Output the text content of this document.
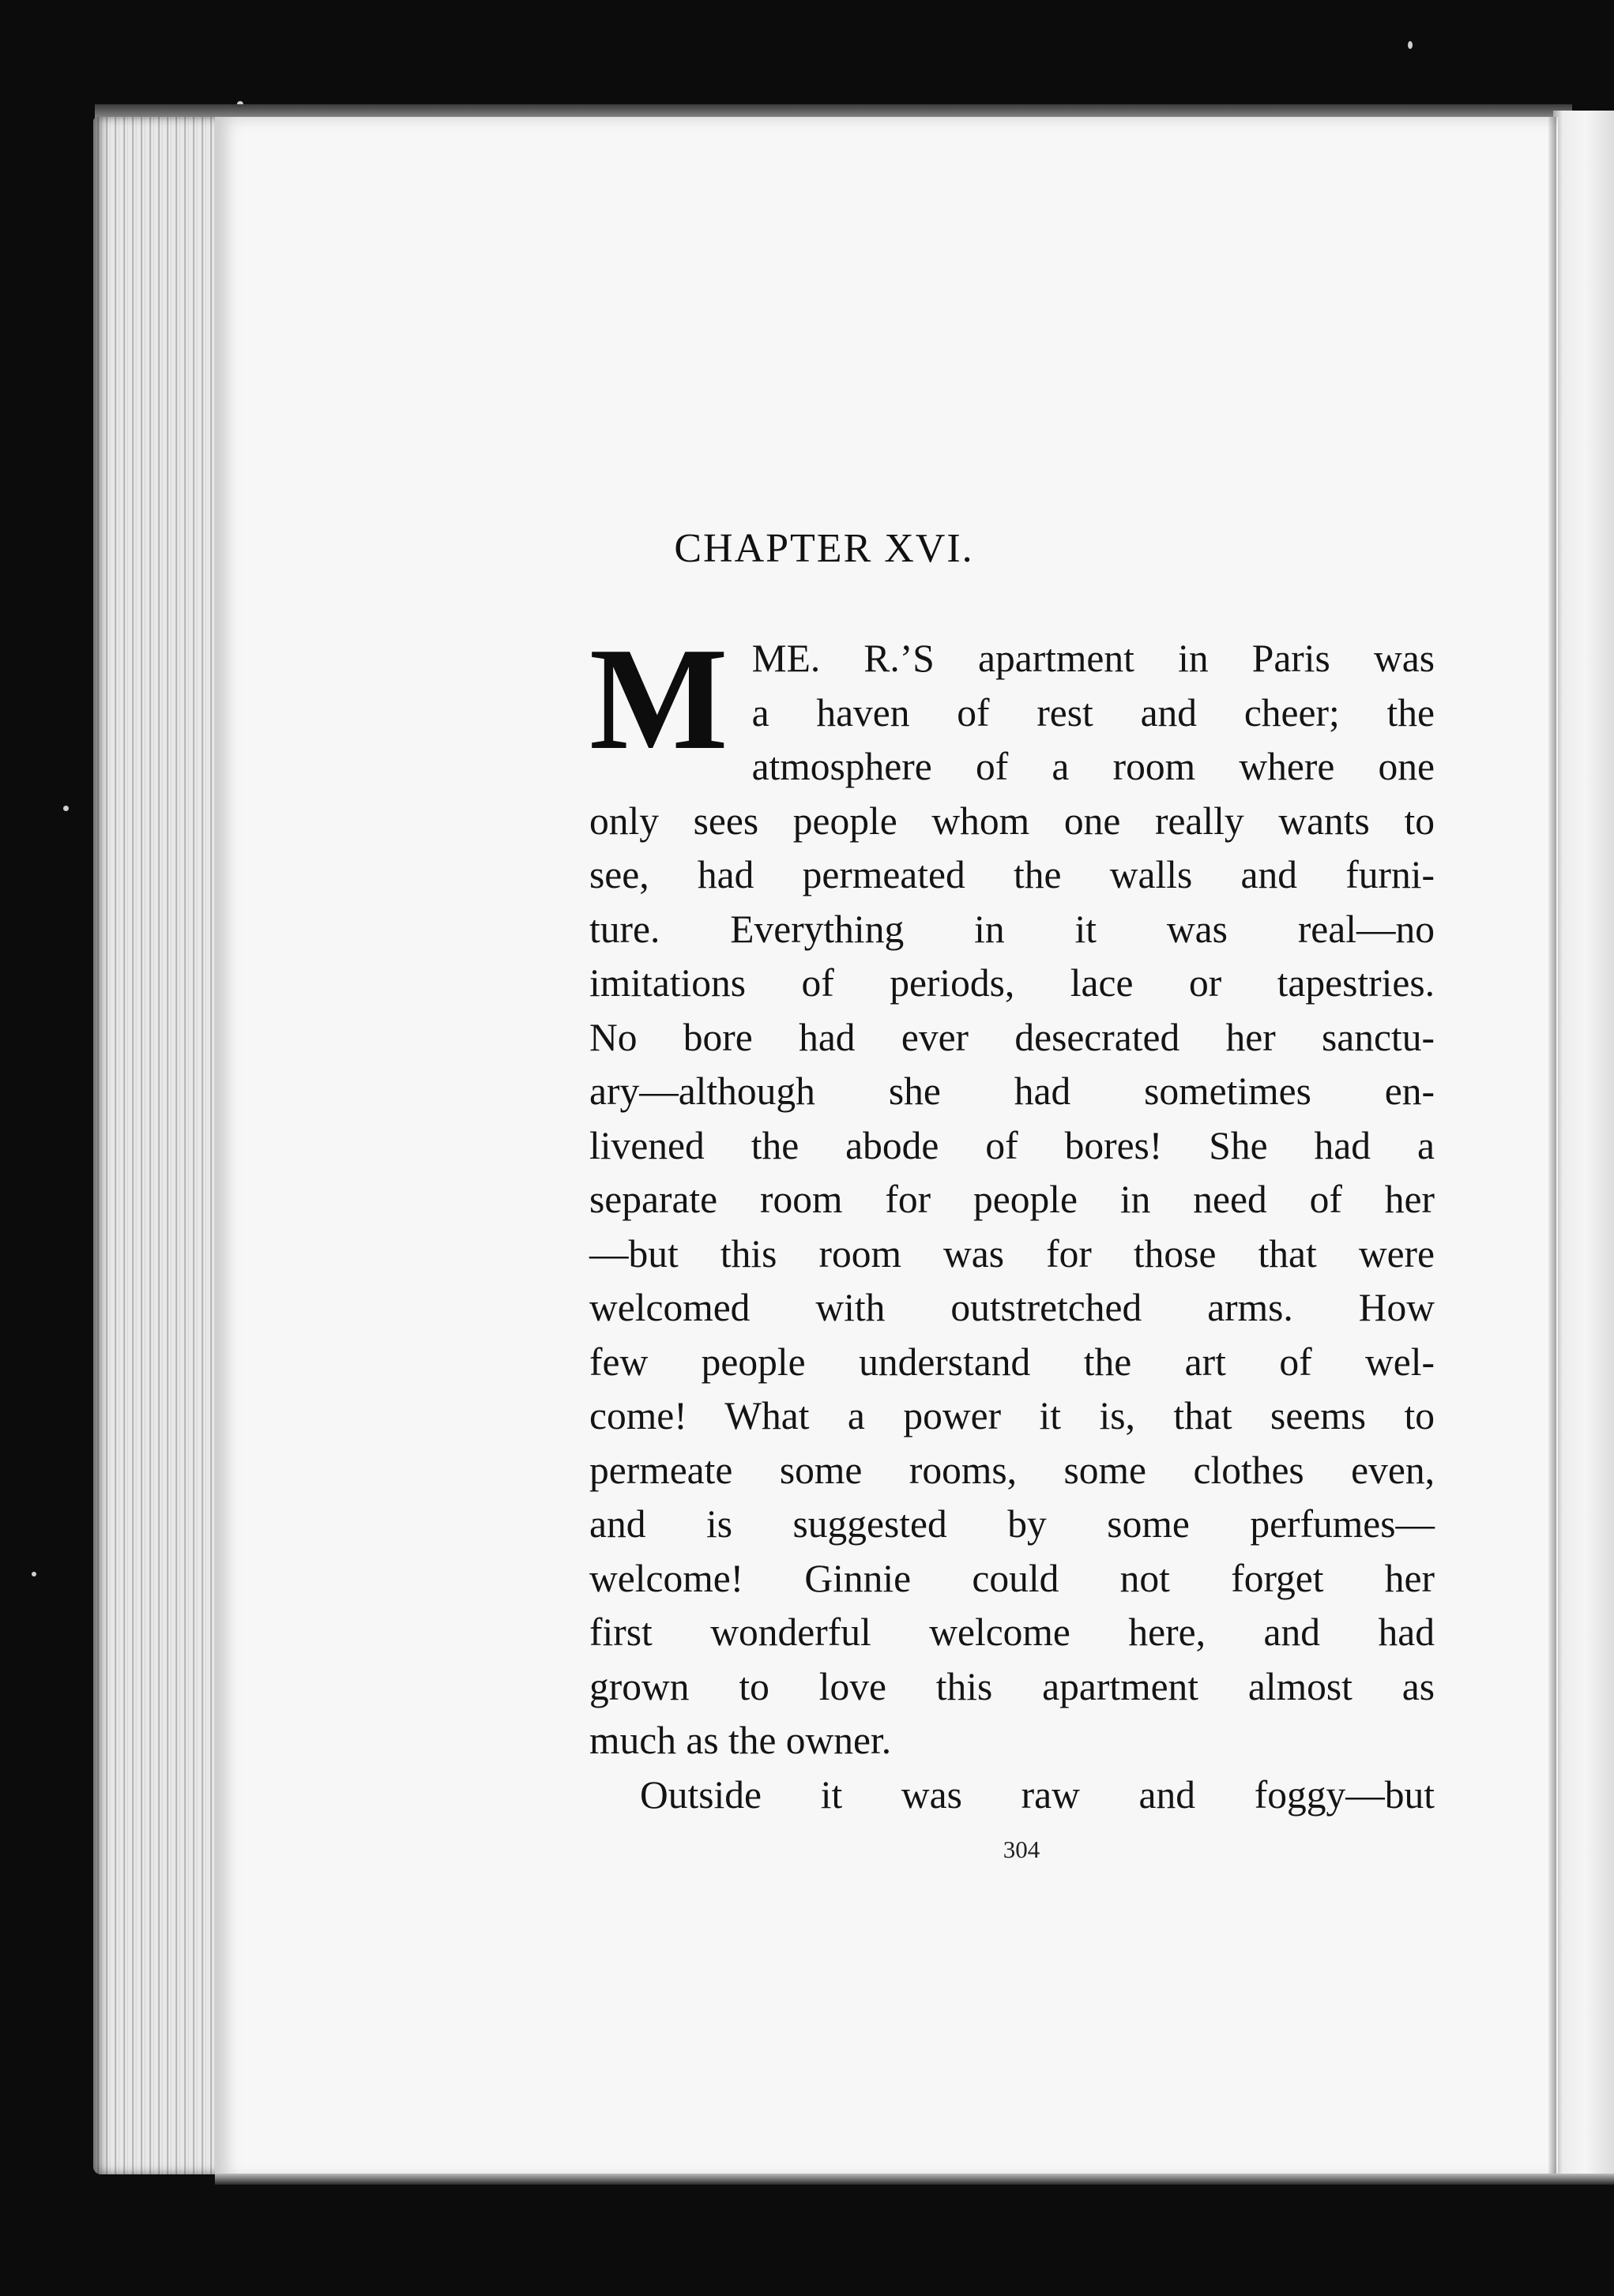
CHAPTER XVI.
M ME. R.’S apartment in Paris was
a haven of rest and cheer; the
atmosphere of a room where one
only sees people whom one really wants to
see, had permeated the walls and furni-
ture. Everything in it was real—no
imitations of periods, lace or tapestries.
No bore had ever desecrated her sanctu-
ary—although she had sometimes en-
livened the abode of bores! She had a
separate room for people in need of her
—but this room was for those that were
welcomed with outstretched arms. How
few people understand the art of wel-
come! What a power it is, that seems to
permeate some rooms, some clothes even,
and is suggested by some perfumes—
welcome! Ginnie could not forget her
first wonderful welcome here, and had
grown to love this apartment almost as
much as the owner.
Outside it was raw and foggy—but
304
